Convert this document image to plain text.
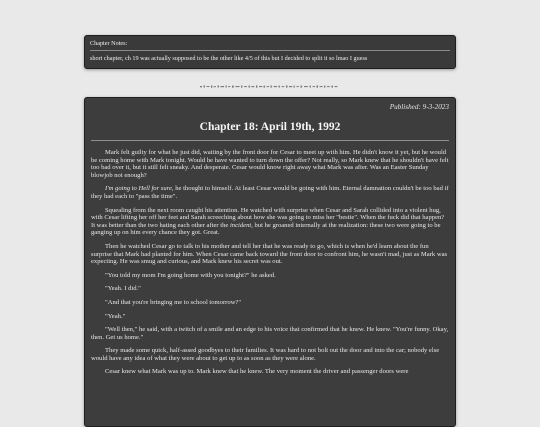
Chapter Notes:
short chapter, ch 19 was actually supposed to be the other like 4/5 of this but I decided to split it so lmao I guess
Published: 9-3-2023
Chapter 18: April 19th, 1992

Mark felt guilty for what he just did, waiting by the front door for Cesar to meet up with him. He didn't know it yet, but he would be coming home with Mark tonight. Would he have wanted to turn down the offer? Not really, so Mark knew that he shouldn't have felt too bad over it, but it still felt sneaky. And desperate. Cesar would know right away what Mark was after. Was an Easter Sunday blowjob not enough?

I'm going to Hell for sure, he thought to himself. At least Cesar would be going with him. Eternal damnation couldn't be too bad if they had each to "pass the time".

Squealing from the next room caught his attention. He watched with surprise when Cesar and Sarah collided into a violent hug, with Cesar lifting her off her feet and Sarah screeching about how she was going to miss her "bestie". When the fuck did that happen? It was better than the two hating each other after the incident, but he groaned internally at the realization: these two were going to be ganging up on him every chance they got. Great.

Then he watched Cesar go to talk to his mother and tell her that he was ready to go, which is when he'd learn about the fun surprise that Mark had planted for him. When Cesar came back toward the front door to confront him, he wasn't mad, just as Mark was expecting. He was smug and curious, and Mark knew his secret was out.

"You told my mom I'm going home with you tonight?" he asked.

"Yeah. I did."

"And that you're bringing me to school tomorrow?"

"Yeah."

"Well then," he said, with a twitch of a smile and an edge to his voice that confirmed that he knew. He knew. "You're funny. Okay, then. Get us home."

They made some quick, half-assed goodbyes to their families. It was hard to not bolt out the door and into the car; nobody else would have any idea of what they were about to get up to as soon as they were alone.

Cesar knew what Mark was up to. Mark knew that he knew. The very moment the driver and passenger doors were
